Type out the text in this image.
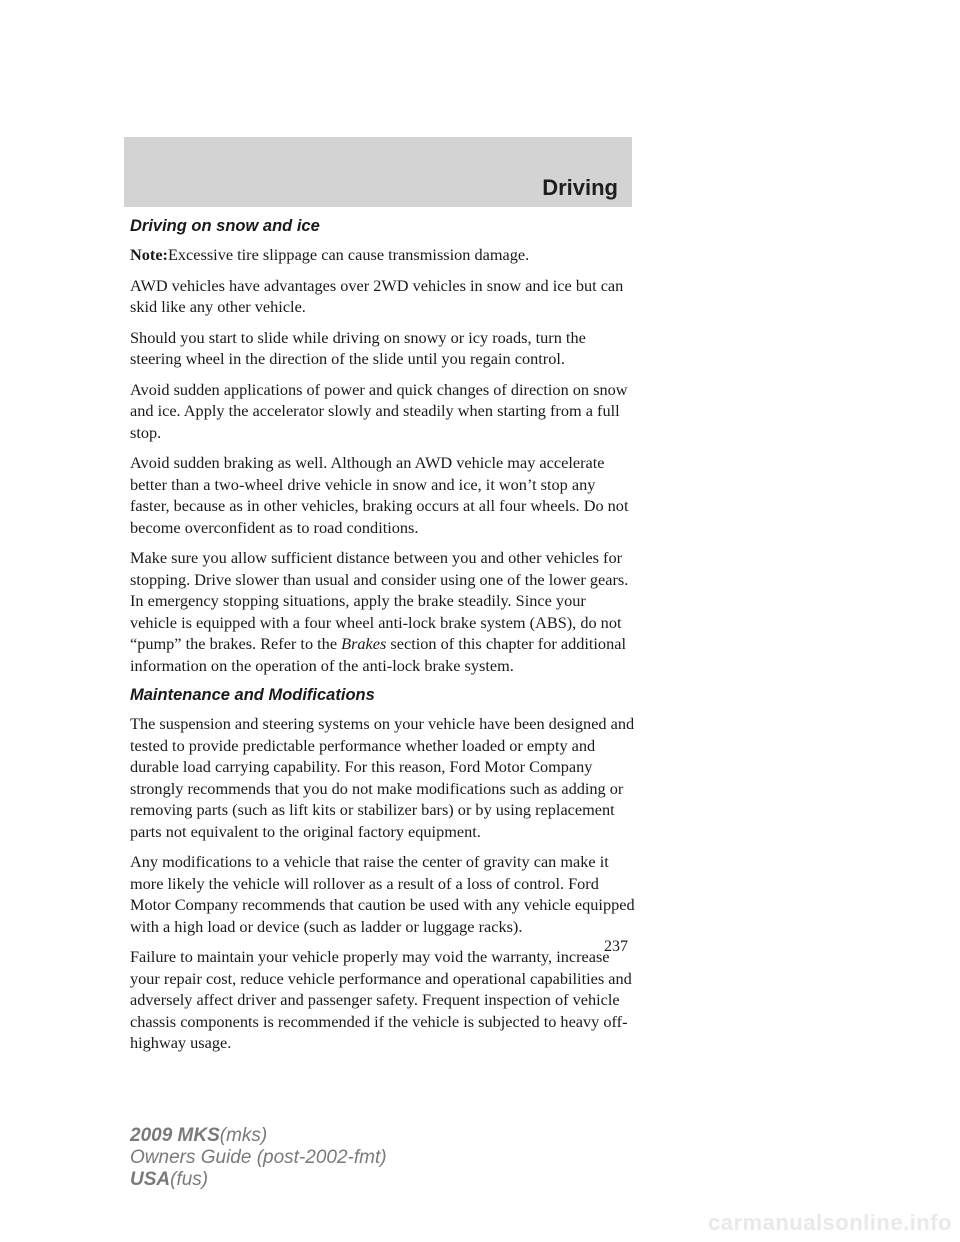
Driving
Driving on snow and ice

Note:Excessive tire slippage can cause transmission damage.

AWD vehicles have advantages over 2WD vehicles in snow and ice but can skid like any other vehicle.

Should you start to slide while driving on snowy or icy roads, turn the steering wheel in the direction of the slide until you regain control.

Avoid sudden applications of power and quick changes of direction on snow and ice. Apply the accelerator slowly and steadily when starting from a full stop.

Avoid sudden braking as well. Although an AWD vehicle may accelerate better than a two-wheel drive vehicle in snow and ice, it won’t stop any faster, because as in other vehicles, braking occurs at all four wheels. Do not become overconfident as to road conditions.

Make sure you allow sufficient distance between you and other vehicles for stopping. Drive slower than usual and consider using one of the lower gears. In emergency stopping situations, apply the brake steadily. Since your vehicle is equipped with a four wheel anti-lock brake system (ABS), do not “pump” the brakes. Refer to the Brakes section of this chapter for additional information on the operation of the anti-lock brake system.

Maintenance and Modifications

The suspension and steering systems on your vehicle have been designed and tested to provide predictable performance whether loaded or empty and durable load carrying capability. For this reason, Ford Motor Company strongly recommends that you do not make modifications such as adding or removing parts (such as lift kits or stabilizer bars) or by using replacement parts not equivalent to the original factory equipment.

Any modifications to a vehicle that raise the center of gravity can make it more likely the vehicle will rollover as a result of a loss of control. Ford Motor Company recommends that caution be used with any vehicle equipped with a high load or device (such as ladder or luggage racks).

Failure to maintain your vehicle properly may void the warranty, increase your repair cost, reduce vehicle performance and operational capabilities and adversely affect driver and passenger safety. Frequent inspection of vehicle chassis components is recommended if the vehicle is subjected to heavy off-highway usage.

237
2009 MKS(mks)
Owners Guide (post-2002-fmt)
USA(fus)
carmanualsonline.info
